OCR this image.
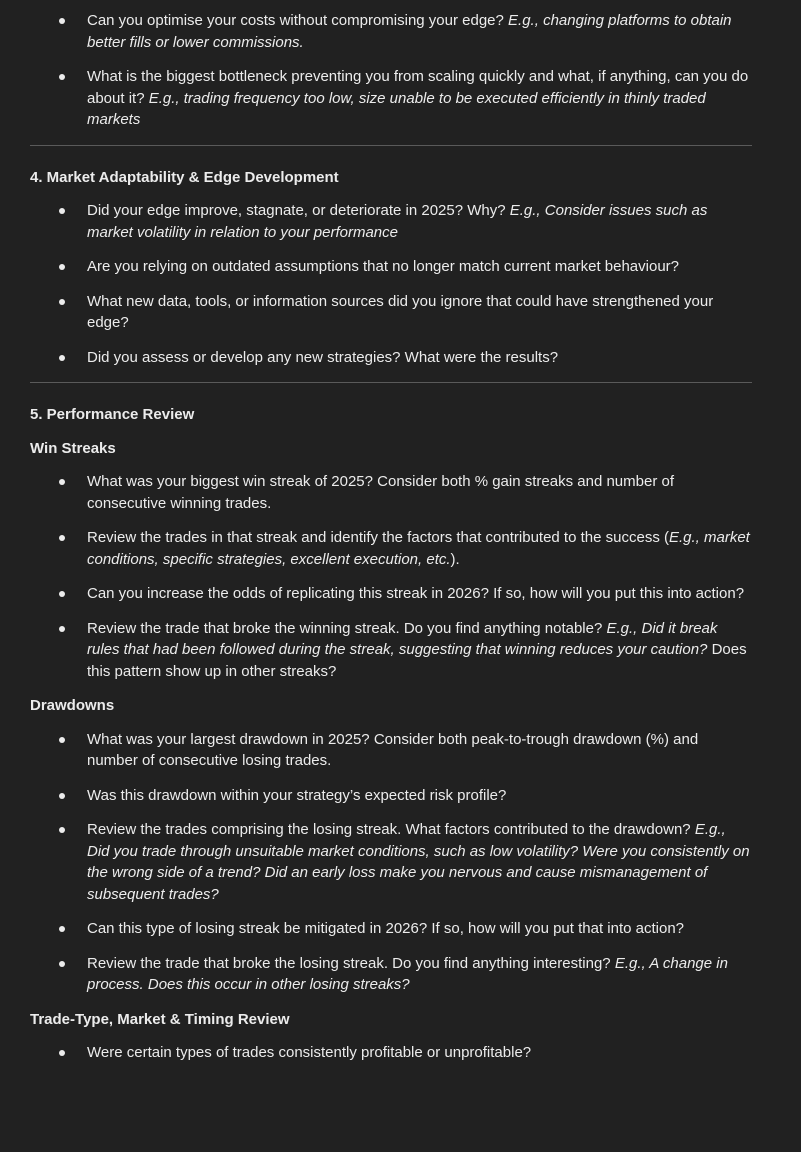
Can you optimise your costs without compromising your edge? E.g., changing platforms to obtain better fills or lower commissions.
What is the biggest bottleneck preventing you from scaling quickly and what, if anything, can you do about it? E.g., trading frequency too low, size unable to be executed efficiently in thinly traded markets
4. Market Adaptability & Edge Development
Did your edge improve, stagnate, or deteriorate in 2025? Why? E.g., Consider issues such as market volatility in relation to your performance
Are you relying on outdated assumptions that no longer match current market behaviour?
What new data, tools, or information sources did you ignore that could have strengthened your edge?
Did you assess or develop any new strategies? What were the results?
5. Performance Review
Win Streaks
What was your biggest win streak of 2025? Consider both % gain streaks and number of consecutive winning trades.
Review the trades in that streak and identify the factors that contributed to the success (E.g., market conditions, specific strategies, excellent execution, etc.).
Can you increase the odds of replicating this streak in 2026? If so, how will you put this into action?
Review the trade that broke the winning streak. Do you find anything notable? E.g., Did it break rules that had been followed during the streak, suggesting that winning reduces your caution? Does this pattern show up in other streaks?
Drawdowns
What was your largest drawdown in 2025? Consider both peak-to-trough drawdown (%) and number of consecutive losing trades.
Was this drawdown within your strategy’s expected risk profile?
Review the trades comprising the losing streak. What factors contributed to the drawdown? E.g., Did you trade through unsuitable market conditions, such as low volatility? Were you consistently on the wrong side of a trend? Did an early loss make you nervous and cause mismanagement of subsequent trades?
Can this type of losing streak be mitigated in 2026? If so, how will you put that into action?
Review the trade that broke the losing streak. Do you find anything interesting? E.g., A change in process. Does this occur in other losing streaks?
Trade-Type, Market & Timing Review
Were certain types of trades consistently profitable or unprofitable?
